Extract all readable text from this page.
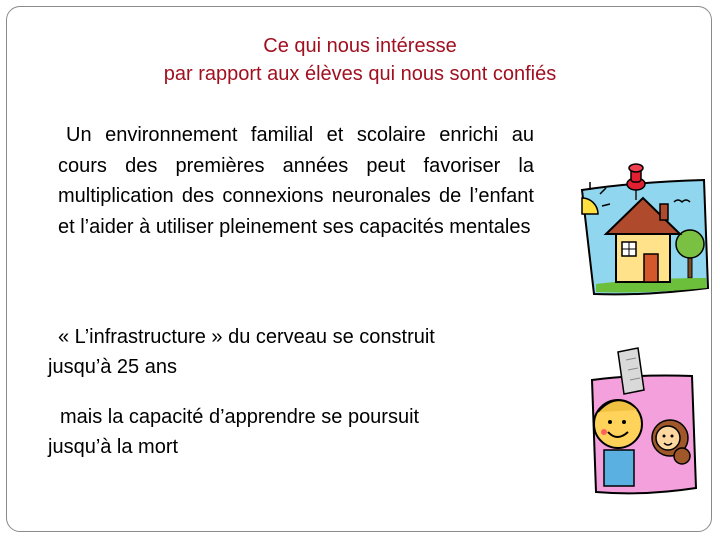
Ce qui nous intéresse
par rapport aux élèves qui nous sont confiés
Un environnement familial et scolaire enrichi au cours des premières années peut favoriser la multiplication des connexions neuronales de l’enfant et l’aider à utiliser pleinement ses capacités mentales
« L’infrastructure » du cerveau se construit
jusqu’à 25 ans
mais la capacité d’apprendre se poursuit
jusqu’à la mort
